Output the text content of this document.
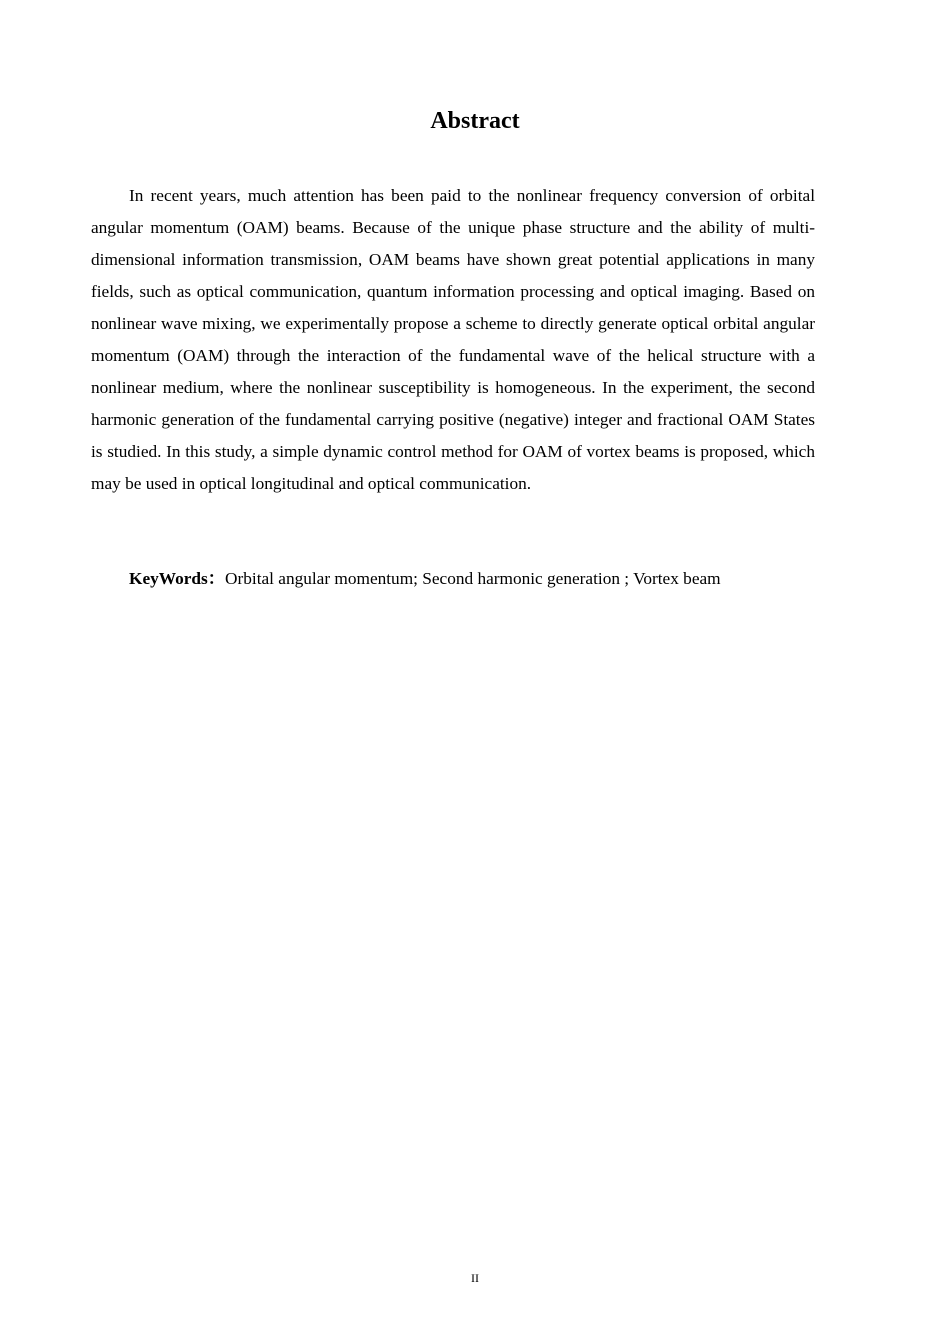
Abstract

In recent years, much attention has been paid to the nonlinear frequency conversion of orbital angular momentum (OAM) beams. Because of the unique phase structure and the ability of multi-dimensional information transmission, OAM beams have shown great potential applications in many fields, such as optical communication, quantum information processing and optical imaging. Based on nonlinear wave mixing, we experimentally propose a scheme to directly generate optical orbital angular momentum (OAM) through the interaction of the fundamental wave of the helical structure with a nonlinear medium, where the nonlinear susceptibility is homogeneous. In the experiment, the second harmonic generation of the fundamental carrying positive (negative) integer and fractional OAM States is studied. In this study, a simple dynamic control method for OAM of vortex beams is proposed, which may be used in optical longitudinal and optical communication.

KeyWords：Orbital angular momentum; Second harmonic generation ; Vortex beam

II
